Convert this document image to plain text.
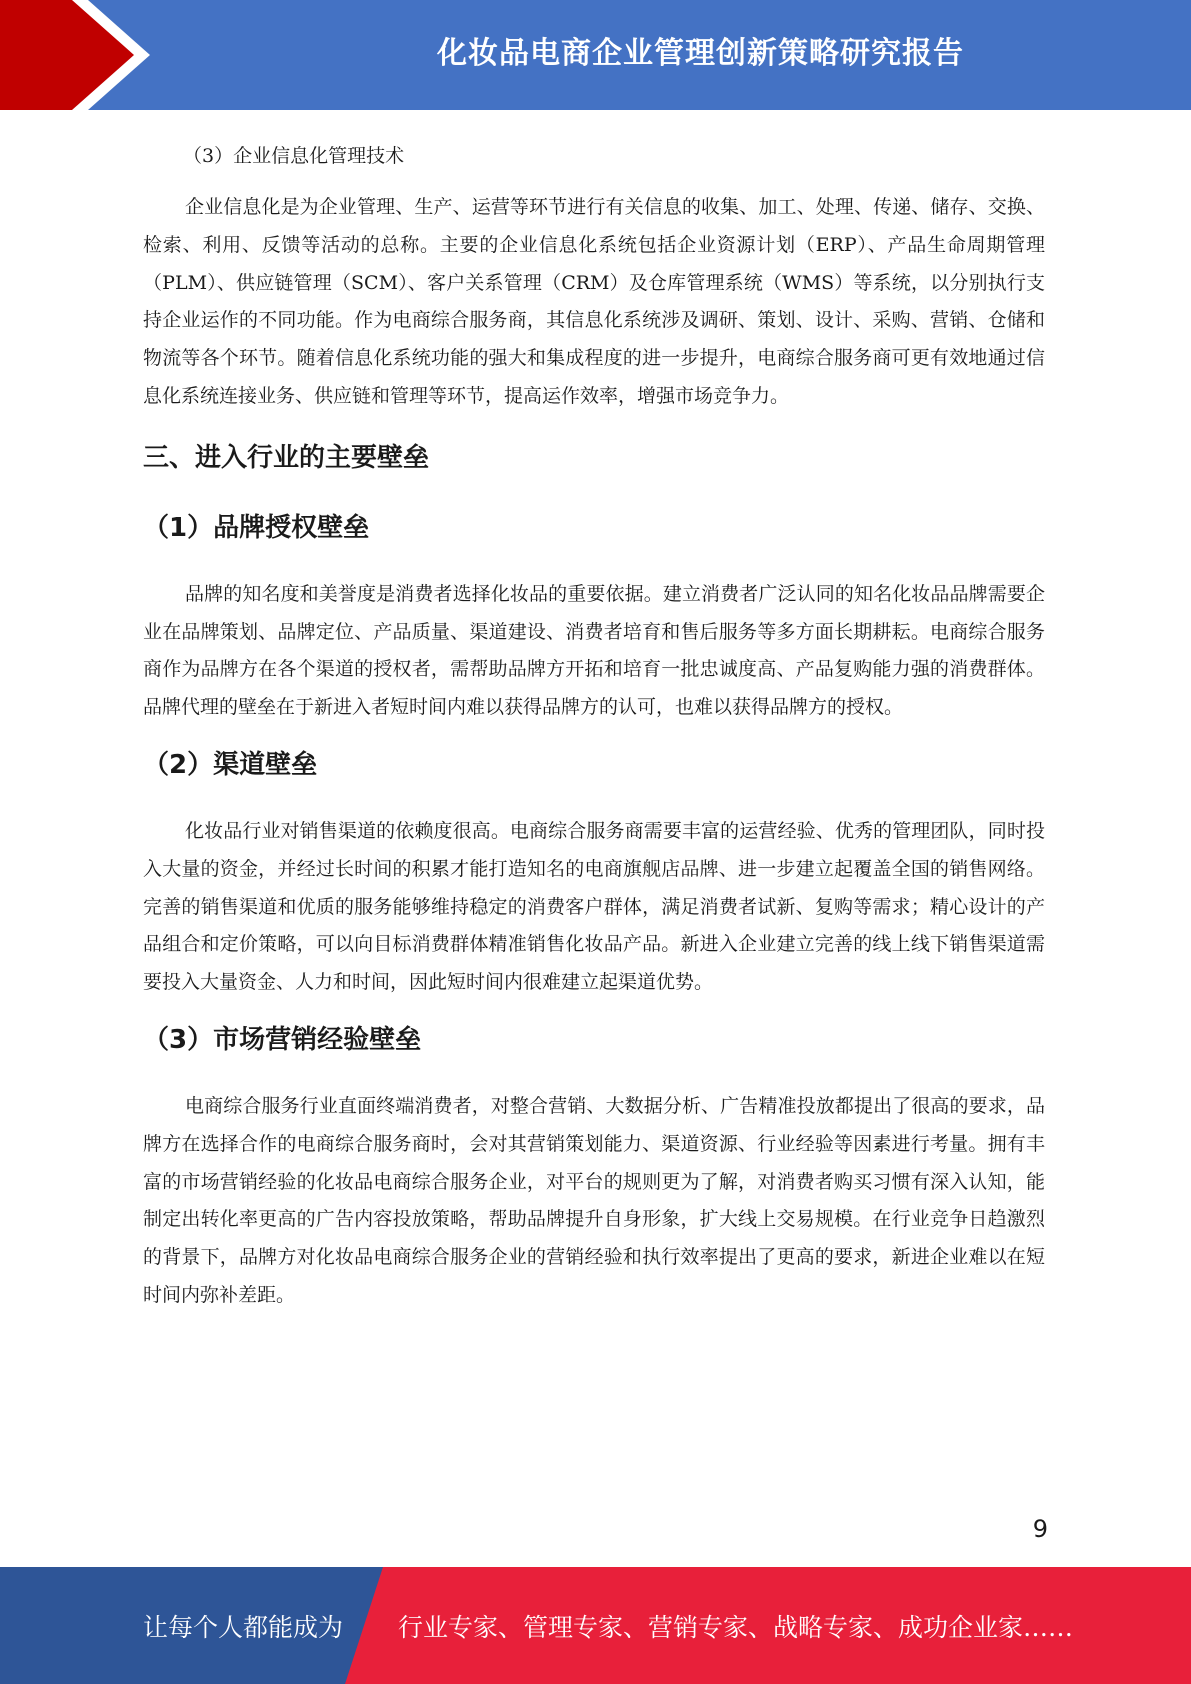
化妆品电商企业管理创新策略研究报告
（3）企业信息化管理技术

企业信息化是为企业管理、生产、运营等环节进行有关信息的收集、加工、处理、传递、储存、交换、检索、利用、反馈等活动的总称。主要的企业信息化系统包括企业资源计划（ERP）、产品生命周期管理（PLM）、供应链管理（SCM）、客户关系管理（CRM）及仓库管理系统（WMS）等系统，以分别执行支持企业运作的不同功能。作为电商综合服务商，其信息化系统涉及调研、策划、设计、采购、营销、仓储和物流等各个环节。随着信息化系统功能的强大和集成程度的进一步提升，电商综合服务商可更有效地通过信息化系统连接业务、供应链和管理等环节，提高运作效率，增强市场竞争力。

三、进入行业的主要壁垒
（1）品牌授权壁垒

品牌的知名度和美誉度是消费者选择化妆品的重要依据。建立消费者广泛认同的知名化妆品品牌需要企业在品牌策划、品牌定位、产品质量、渠道建设、消费者培育和售后服务等多方面长期耕耘。电商综合服务商作为品牌方在各个渠道的授权者，需帮助品牌方开拓和培育一批忠诚度高、产品复购能力强的消费群体。品牌代理的壁垒在于新进入者短时间内难以获得品牌方的认可，也难以获得品牌方的授权。

（2）渠道壁垒

化妆品行业对销售渠道的依赖度很高。电商综合服务商需要丰富的运营经验、优秀的管理团队，同时投入大量的资金，并经过长时间的积累才能打造知名的电商旗舰店品牌、进一步建立起覆盖全国的销售网络。完善的销售渠道和优质的服务能够维持稳定的消费客户群体，满足消费者试新、复购等需求；精心设计的产品组合和定价策略，可以向目标消费群体精准销售化妆品产品。新进入企业建立完善的线上线下销售渠道需要投入大量资金、人力和时间，因此短时间内很难建立起渠道优势。

（3）市场营销经验壁垒

电商综合服务行业直面终端消费者，对整合营销、大数据分析、广告精准投放都提出了很高的要求，品牌方在选择合作的电商综合服务商时，会对其营销策划能力、渠道资源、行业经验等因素进行考量。拥有丰富的市场营销经验的化妆品电商综合服务企业，对平台的规则更为了解，对消费者购买习惯有深入认知，能制定出转化率更高的广告内容投放策略，帮助品牌提升自身形象，扩大线上交易规模。在行业竞争日趋激烈的背景下，品牌方对化妆品电商综合服务企业的营销经验和执行效率提出了更高的要求，新进企业难以在短时间内弥补差距。

9
让每个人都能成为 行业专家、管理专家、营销专家、战略专家、成功企业家……
